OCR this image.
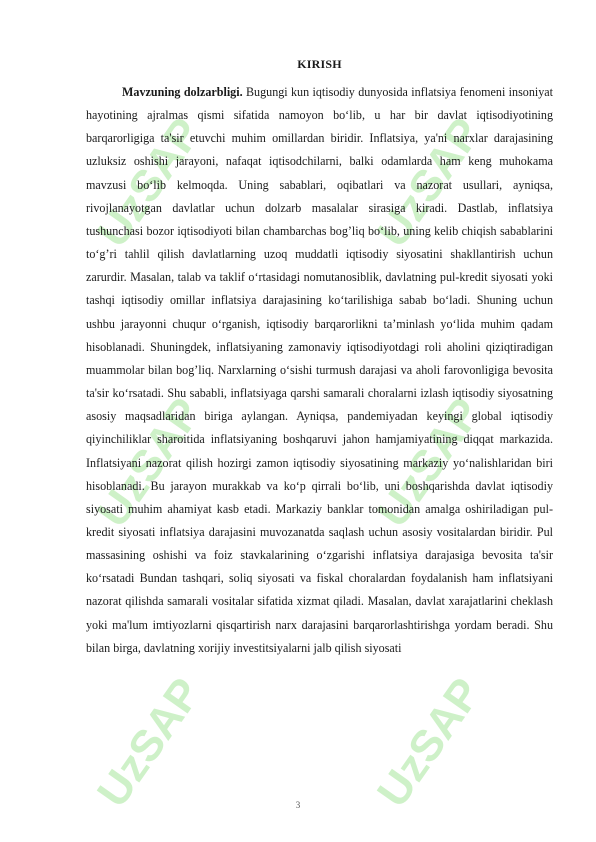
UzSAP	UzSAP
UzSAP	UzSAP
UzSAP	UzSAP
KIRISH

Mavzuning dolzarbligi. Bugungi kun iqtisodiy dunyosida inflatsiya fenomeni insoniyat hayotining ajralmas qismi sifatida namoyon bo‘lib, u har bir davlat iqtisodiyotining barqarorligiga ta'sir etuvchi muhim omillardan biridir. Inflatsiya, ya'ni narxlar darajasining uzluksiz oshishi jarayoni, nafaqat iqtisodchilarni, balki odamlarda ham keng muhokama mavzusi bo‘lib kelmoqda. Uning sabablari, oqibatlari va nazorat usullari, ayniqsa, rivojlanayotgan davlatlar uchun dolzarb masalalar sirasiga kiradi. Dastlab, inflatsiya tushunchasi bozor iqtisodiyoti bilan chambarchas bog’liq bo‘lib, uning kelib chiqish sabablarini to‘g’ri tahlil qilish davlatlarning uzoq muddatli iqtisodiy siyosatini shakllantirish uchun zarurdir. Masalan, talab va taklif o‘rtasidagi nomutanosiblik, davlatning pul-kredit siyosati yoki tashqi iqtisodiy omillar inflatsiya darajasining ko‘tarilishiga sabab bo‘ladi. Shuning uchun ushbu jarayonni chuqur o‘rganish, iqtisodiy barqarorlikni ta’minlash yo‘lida muhim qadam hisoblanadi. Shuningdek, inflatsiyaning zamonaviy iqtisodiyotdagi roli aholini qiziqtiradigan muammolar bilan bog’liq. Narxlarning o‘sishi turmush darajasi va aholi farovonligiga bevosita ta'sir ko‘rsatadi. Shu sababli, inflatsiyaga qarshi samarali choralarni izlash iqtisodiy siyosatning asosiy maqsadlaridan biriga aylangan. Ayniqsa, pandemiyadan keyingi global iqtisodiy qiyinchiliklar sharoitida inflatsiyaning boshqaruvi jahon hamjamiyatining diqqat markazida. Inflatsiyani nazorat qilish hozirgi zamon iqtisodiy siyosatining markaziy yo‘nalishlaridan biri hisoblanadi. Bu jarayon murakkab va ko‘p qirrali bo‘lib, uni boshqarishda davlat iqtisodiy siyosati muhim ahamiyat kasb etadi. Markaziy banklar tomonidan amalga oshiriladigan pul-kredit siyosati inflatsiya darajasini muvozanatda saqlash uchun asosiy vositalardan biridir. Pul massasining oshishi va foiz stavkalarining o‘zgarishi inflatsiya darajasiga bevosita ta'sir ko‘rsatadi Bundan tashqari, soliq siyosati va fiskal choralardan foydalanish ham inflatsiyani nazorat qilishda samarali vositalar sifatida xizmat qiladi. Masalan, davlat xarajatlarini cheklash yoki ma'lum imtiyozlarni qisqartirish narx darajasini barqarorlashtirishga yordam beradi. Shu bilan birga, davlatning xorijiy investitsiyalarni jalb qilish siyosati

3
